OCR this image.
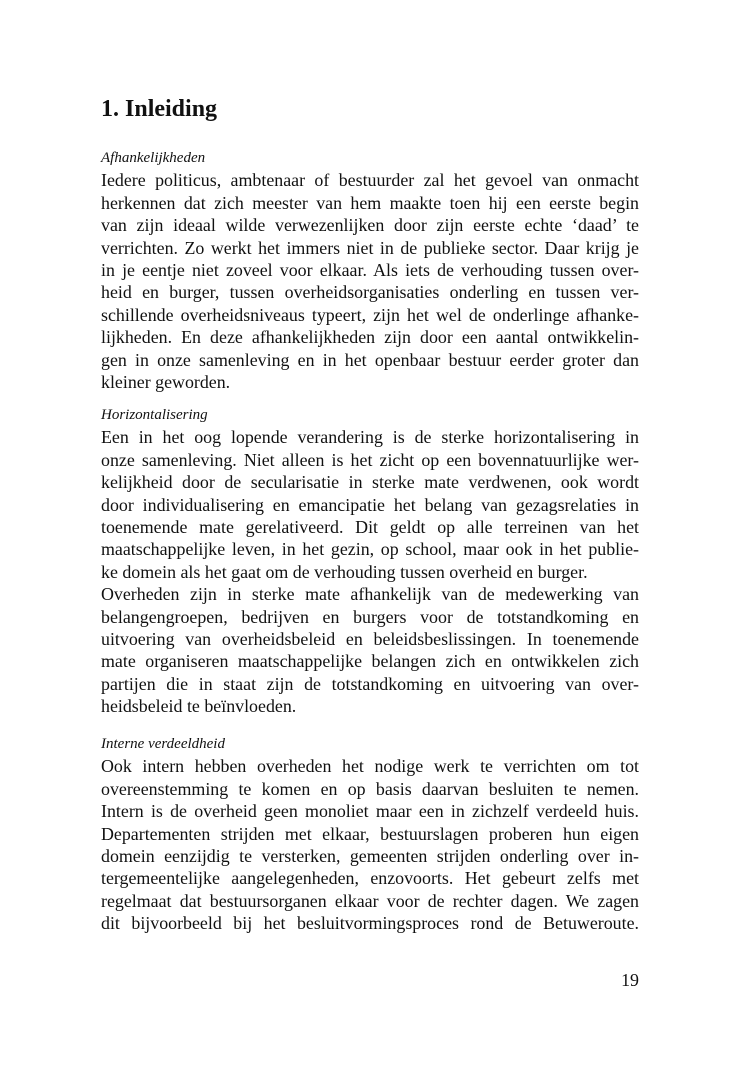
1. Inleiding
Afhankelijkheden
Iedere politicus, ambtenaar of bestuurder zal het gevoel van onmacht
herkennen dat zich meester van hem maakte toen hij een eerste begin
van zijn ideaal wilde verwezenlijken door zijn eerste echte ‘daad’ te
verrichten. Zo werkt het immers niet in de publieke sector. Daar krijg je
in je eentje niet zoveel voor elkaar. Als iets de verhouding tussen over-
heid en burger, tussen overheidsorganisaties onderling en tussen ver-
schillende overheidsniveaus typeert, zijn het wel de onderlinge afhanke-
lijkheden. En deze afhankelijkheden zijn door een aantal ontwikkelin-
gen in onze samenleving en in het openbaar bestuur eerder groter dan
kleiner geworden.
Horizontalisering
Een in het oog lopende verandering is de sterke horizontalisering in
onze samenleving. Niet alleen is het zicht op een bovennatuurlijke wer-
kelijkheid door de secularisatie in sterke mate verdwenen, ook wordt
door individualisering en emancipatie het belang van gezagsrelaties in
toenemende mate gerelativeerd. Dit geldt op alle terreinen van het
maatschappelijke leven, in het gezin, op school, maar ook in het publie-
ke domein als het gaat om de verhouding tussen overheid en burger.
Overheden zijn in sterke mate afhankelijk van de medewerking van
belangengroepen, bedrijven en burgers voor de totstandkoming en
uitvoering van overheidsbeleid en beleidsbeslissingen. In toenemende
mate organiseren maatschappelijke belangen zich en ontwikkelen zich
partijen die in staat zijn de totstandkoming en uitvoering van over-
heidsbeleid te beïnvloeden.
Interne verdeeldheid
Ook intern hebben overheden het nodige werk te verrichten om tot
overeenstemming te komen en op basis daarvan besluiten te nemen.
Intern is de overheid geen monoliet maar een in zichzelf verdeeld huis.
Departementen strijden met elkaar, bestuurslagen proberen hun eigen
domein eenzijdig te versterken, gemeenten strijden onderling over in-
tergemeentelijke aangelegenheden, enzovoorts. Het gebeurt zelfs met
regelmaat dat bestuursorganen elkaar voor de rechter dagen. We zagen
dit bijvoorbeeld bij het besluitvormingsproces rond de Betuweroute.
19
